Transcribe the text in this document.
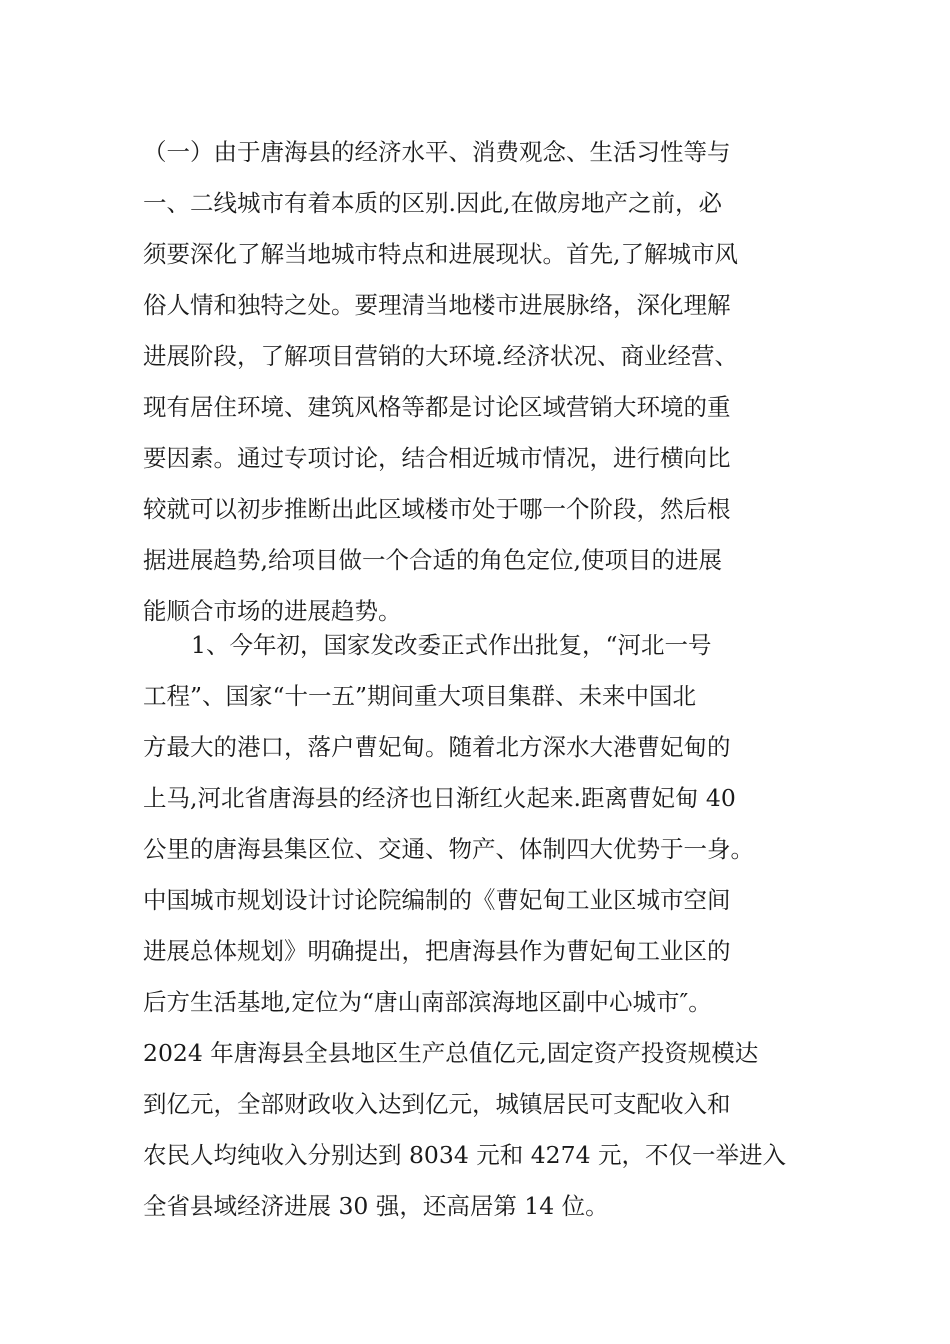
（一）由于唐海县的经济水平、消费观念、生活习性等与
一、二线城市有着本质的区别.因此,在做房地产之前，必
须要深化了解当地城市特点和进展现状。首先,了解城市风
俗人情和独特之处。要理清当地楼市进展脉络，深化理解
进展阶段，了解项目营销的大环境.经济状况、商业经营、
现有居住环境、建筑风格等都是讨论区域营销大环境的重
要因素。通过专项讨论，结合相近城市情况，进行横向比
较就可以初步推断出此区域楼市处于哪一个阶段，然后根
据进展趋势,给项目做一个合适的角色定位,使项目的进展
能顺合市场的进展趋势。
1、今年初，国家发改委正式作出批复，“河北一号
工程”、国家“十一五”期间重大项目集群、未来中国北
方最大的港口，落户曹妃甸。随着北方深水大港曹妃甸的
上马,河北省唐海县的经济也日渐红火起来.距离曹妃甸 40
公里的唐海县集区位、交通、物产、体制四大优势于一身。
中国城市规划设计讨论院编制的《曹妃甸工业区城市空间
进展总体规划》明确提出，把唐海县作为曹妃甸工业区的
后方生活基地,定位为“唐山南部滨海地区副中心城市″。
2024 年唐海县全县地区生产总值亿元,固定资产投资规模达
到亿元，全部财政收入达到亿元，城镇居民可支配收入和
农民人均纯收入分别达到 8034 元和 4274 元，不仅一举进入
全省县域经济进展 30 强，还高居第 14 位。
